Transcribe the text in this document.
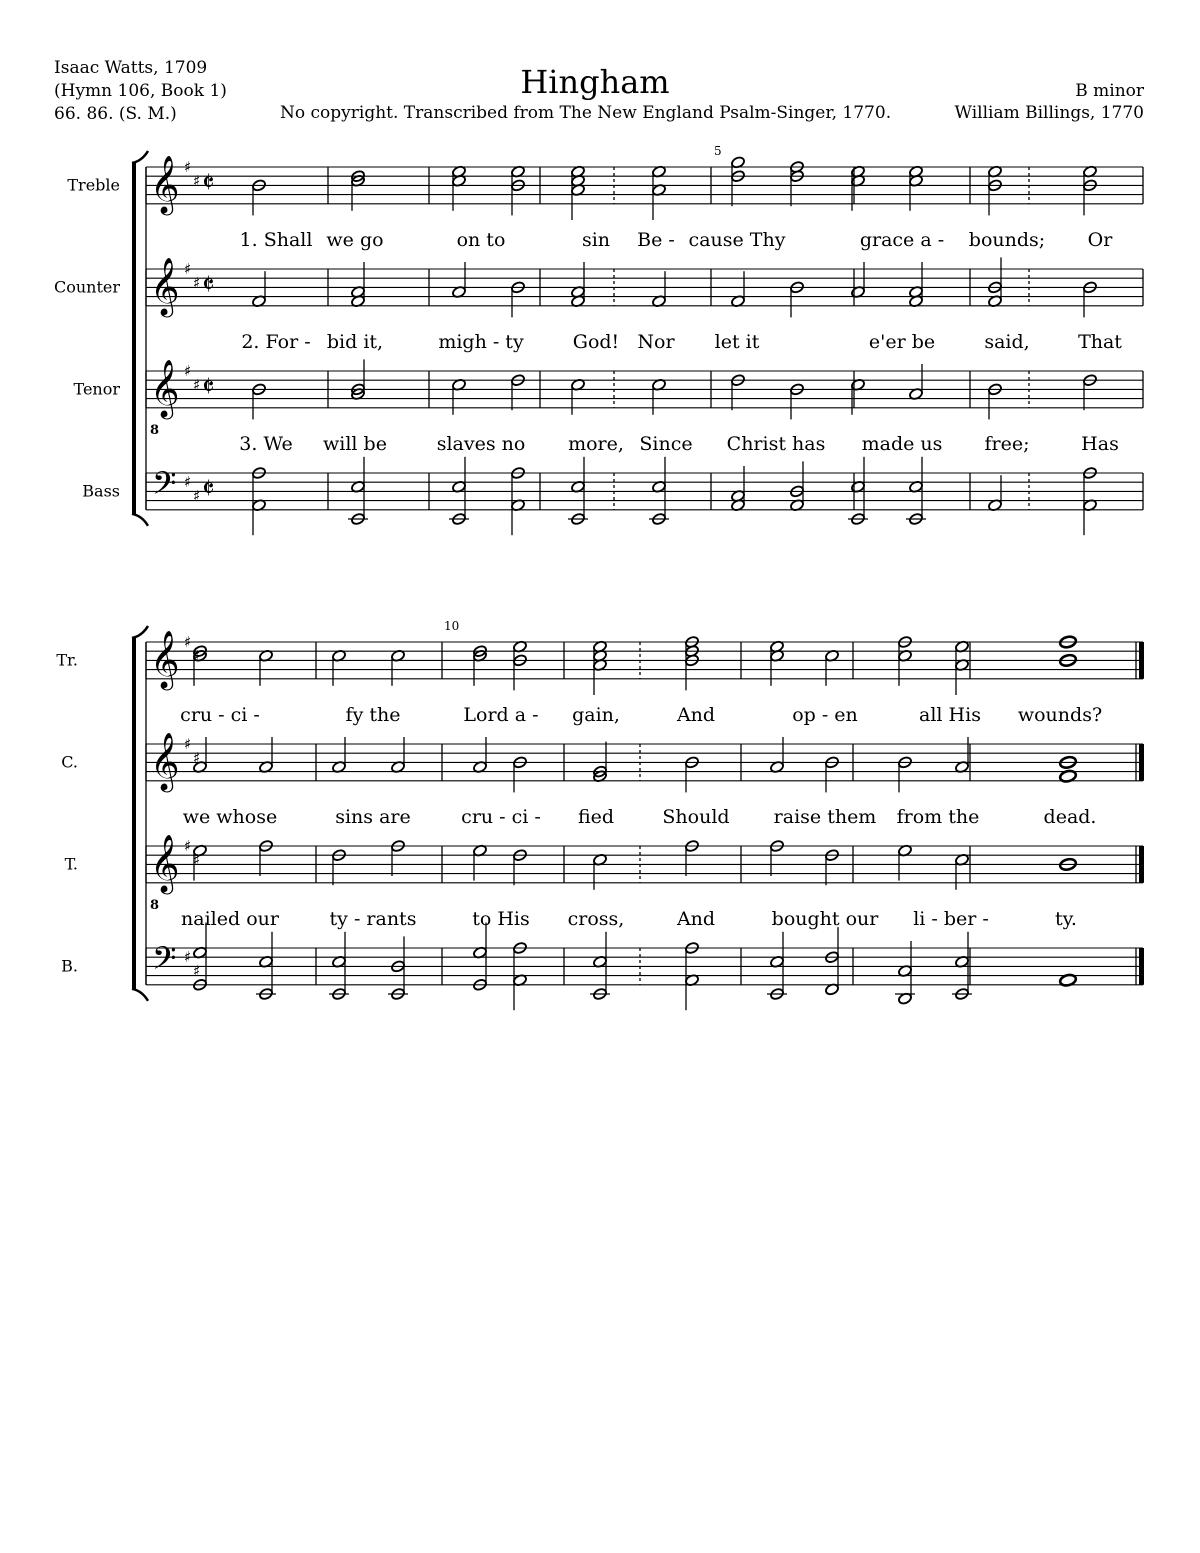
Isaac Watts, 1709
(Hymn 106, Book 1)
66. 86. (S. M.)
Hingham
No copyright. Transcribed from The New England Psalm-Singer, 1770.
B minor
William Billings, 1770
𝄞 ♯
♯ 𝄵
Treble
𝄞 ♯
♯ 𝄵
Counter
𝄞
8
♯
♯ 𝄵
Tenor
𝄢 ♯
♯ 𝄵
Bass
5
1. Shall we go	on to	sin Be - cause Thy	grace a - bounds; Or
2. For - bid it,	migh - ty	God! Nor let it	e'er be	said,	That
3. We will be	slaves no more, Since Christ has made us free;	Has
𝄞 ♯
♯
Tr.
𝄞 ♯
♯
C.
𝄞
8
♯
♯
T.
𝄢 ♯
♯
B.
10
cru - ci -	fy the	Lord a - gain,	And	op - en	all His wounds?
we whose	sins are	cru - ci - fied	Should raise them from the	dead.
nailed our	ty - rants	to His cross,	And	bought our li - ber -	ty.
